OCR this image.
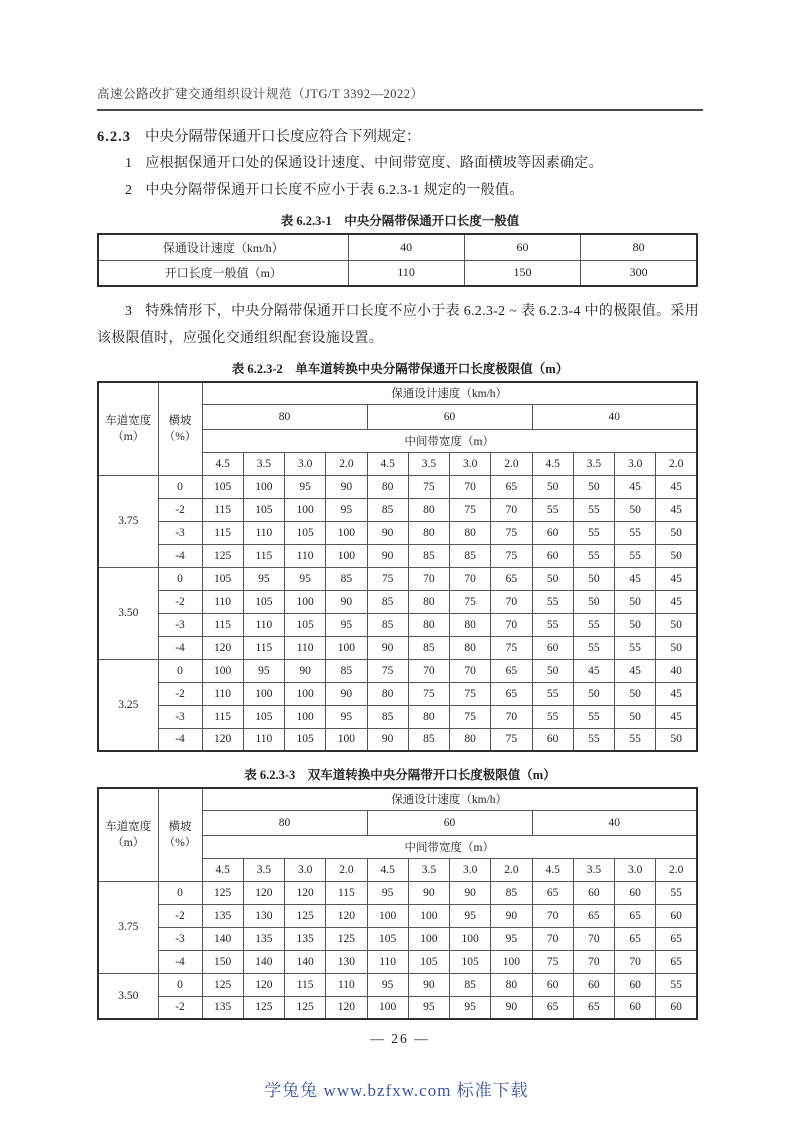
高速公路改扩建交通组织设计规范（JTG/T 3392—2022）

6.2.3 中央分隔带保通开口长度应符合下列规定：

1 应根据保通开口处的保通设计速度、中间带宽度、路面横坡等因素确定。

2 中央分隔带保通开口长度不应小于表 6.2.3-1 规定的一般值。

表 6.2.3-1　中央分隔带保通开口长度一般值
保通设计速度（km/h）	40	60	80
开口长度一般值（m）	110	150	300

3 特殊情形下，中央分隔带保通开口长度不应小于表 6.2.3-2 ~ 表 6.2.3-4 中的极限值。采用该极限值时，应强化交通组织配套设施设置。

表 6.2.3-2　单车道转换中央分隔带保通开口长度极限值（m）
车道宽度（m）	横坡（%）	保通设计速度（km/h）											
		80				60				40			
		中间带宽度（m）											
		4.5	3.5	3.0	2.0	4.5	3.5	3.0	2.0	4.5	3.5	3.0	2.0
3.75	0	105	100	95	90	80	75	70	65	50	50	45	45
	-2	115	105	100	95	85	80	75	70	55	55	50	45
	-3	115	110	105	100	90	80	80	75	60	55	55	50
	-4	125	115	110	100	90	85	85	75	60	55	55	50
3.50	0	105	95	95	85	75	70	70	65	50	50	45	45
	-2	110	105	100	90	85	80	75	70	55	50	50	45
	-3	115	110	105	95	85	80	80	70	55	55	50	50
	-4	120	115	110	100	90	85	80	75	60	55	55	50
3.25	0	100	95	90	85	75	70	70	65	50	45	45	40
	-2	110	100	100	90	80	75	75	65	55	50	50	45
	-3	115	105	100	95	85	80	75	70	55	55	50	45
	-4	120	110	105	100	90	85	80	75	60	55	55	50
表 6.2.3-3　双车道转换中央分隔带开口长度极限值（m）
车道宽度（m）	横坡（%）	保通设计速度（km/h）											
		80				60				40			
		中间带宽度（m）											
		4.5	3.5	3.0	2.0	4.5	3.5	3.0	2.0	4.5	3.5	3.0	2.0
3.75	0	125	120	120	115	95	90	90	85	65	60	60	55
	-2	135	130	125	120	100	100	95	90	70	65	65	60
	-3	140	135	135	125	105	100	100	95	70	70	65	65
	-4	150	140	140	130	110	105	105	100	75	70	70	65
3.50	0	125	120	115	110	95	90	85	80	60	60	60	55
	-2	135	125	125	120	100	95	95	90	65	65	60	60
— 26 —
学兔兔 www.bzfxw.com 标准下载
